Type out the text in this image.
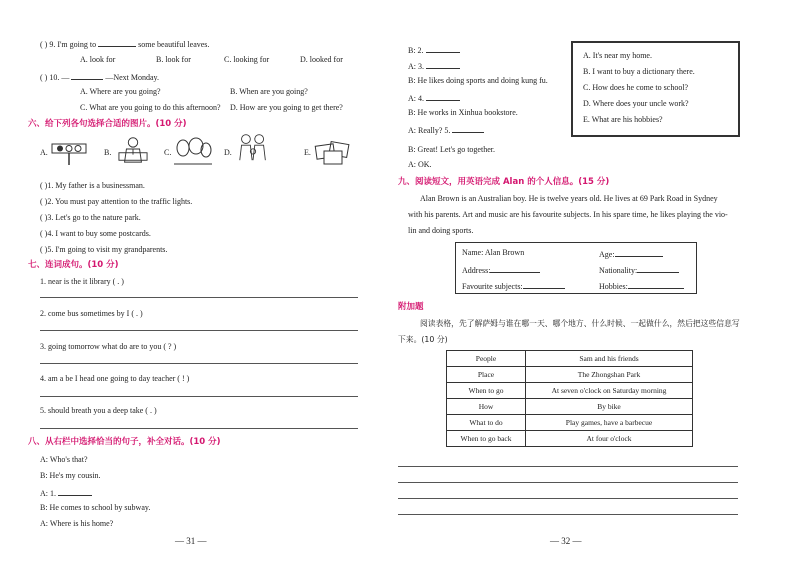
( ) 9. I'm going to	some beautiful leaves.
A. look for	B. look for	C. looking for	D. looked for
( ) 10. —	—Next Monday.
A. Where are you going?	B. When are you going?
C. What are you going to do this afternoon? D. How are you going to get there?
六、给下列各句选择合适的图片。(10 分)
A.	B.	C.	D.	E.
( )1. My father is a businessman.
( )2. You must pay attention to the traffic lights.
( )3. Let's go to the nature park.
( )4. I want to buy some postcards.
( )5. I'm going to visit my grandparents.
七、连词成句。(10 分)
1. near is the it library ( . )
2. come bus sometimes by I ( . )
3. going tomorrow what do are to you ( ? )
4. am a be I head one going to day teacher ( ! )
5. should breath you a deep take ( . )
八、从右栏中选择恰当的句子，补全对话。(10 分)
A: Who's that?
B: He's my cousin.
A: 1.
B: He comes to school by subway.
A: Where is his home?
— 31 —
B: 2.
A: 3.
B: He likes doing sports and doing kung fu.
A: 4.
B: He works in Xinhua bookstore.
A: Really? 5.
B: Great! Let's go together.
A: OK.
A. It's near my home.
B. I want to buy a dictionary there.
C. How does he come to school?
D. Where does your uncle work?
E. What are his hobbies?
九、阅读短文，用英语完成 Alan 的个人信息。(15 分)
Alan Brown is an Australian boy. He is twelve years old. He lives at 69 Park Road in Sydney
with his parents. Art and music are his favourite subjects. In his spare time, he likes playing the vio-
lin and doing sports.
Name: Alan Brown	Age:
Address:	Nationality:
Favourite subjects:	Hobbies:
附加题
阅读表格，先了解萨姆与谁在哪一天、哪个地方、什么时候、一起做什么，然后把这些信息写
下来。(10 分)
People	Sam and his friends
Place	The Zhongshan Park
When to go	At seven o'clock on Saturday morning
How	By bike
What to do	Play games, have a barbecue
When to go back	At four o'clock
— 32 —
